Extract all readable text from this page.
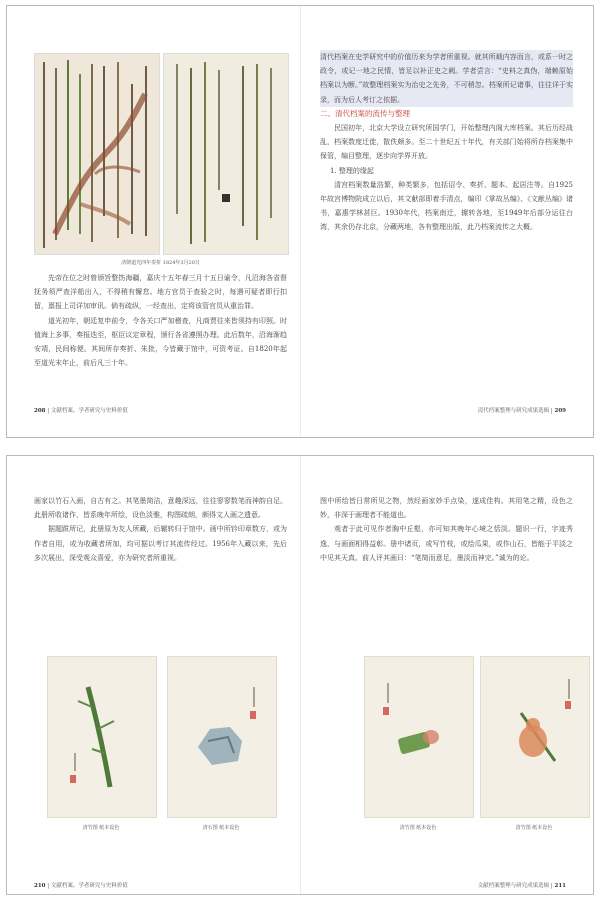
清朝道光四年奏折 1824年3月20日

先帝在位之时曾颁旨整饬海疆，嘉庆十五年春三月十五日谕令，凡沿海各省督抚务须严查洋船出入，不得稍有懈怠。地方官员于查验之时，每遇可疑者即行扣留，禀报上司详加审讯。倘有疏纵，一经查出，定将该管官员从重治罪。

道光初年，朝廷复申前令，令各关口严加稽查，凡商贾往来皆须持有印照。时值海上多事，奏报迭至，枢臣议定章程，颁行各省遵照办理。此后数年，沿海渐趋安靖，民间称便。其间所存奏折、朱批，今皆藏于馆中，可资考证。自1820年起至道光末年止，前后凡三十年。

208 | 文献档案、学者研究与史料价值

清代档案在史学研究中的价值历来为学者所重视。就其所载内容而言，或系一时之政令，或记一地之民情，皆足以补正史之阙。学者尝言：“史料之真伪，端赖原始档案以为断。”故整理档案实为治史之先务，不可稍忽。档案所记诸事，往往详于实录，而为后人考订之依据。

二、清代档案的流传与整理

民国初年，北京大学设立研究所国学门，开始整理内阁大库档案。其后历经战乱，档案数度迁徙，散佚颇多。至二十世纪五十年代，有关部门始将所存档案集中保管，编目整理，逐步向学界开放。

1. 整理的缘起

清宫档案数量浩繁，种类繁多，包括诏令、奏折、题本、起居注等。自1925年故宫博物院成立以后，其文献部即着手清点，编印《掌故丛编》、《文献丛编》诸书，嘉惠学林甚巨。1930年代，档案南迁，辗转各地，至1949年后部分运往台湾，其余仍存北京，分藏两地，各有整理出版，此乃档案流传之大概。

清代档案整理与研究成果选辑 | 209

画家以竹石入画，自古有之。其笔墨简洁，意趣深远，往往寥寥数笔而神韵自足。此册所收诸作，皆系晚年所绘，设色淡雅，构图疏朗，颇得文人画之遗意。

据题跋所记，此册原为友人所藏，后辗转归于馆中。画中所钤印章数方，或为作者自用，或为收藏者所加，均可据以考订其流传经过。1956年入藏以来，先后多次展出，深受观众喜爱，亦为研究者所重视。

图中所绘皆日常所见之物，然经画家妙手点染，遂成佳构。其用笔之精，设色之妙，非深于画理者不能道也。

观者于此可见作者胸中丘壑，亦可知其晚年心境之恬淡。题识一行，字迹秀逸，与画面相得益彰。册中诸页，或写竹枝，或绘瓜果，或作山石，皆能于平淡之中见其天真。前人评其画曰：“笔简而意足，墨淡而神完。”诚为的论。

清竹图 纸本设色	清石图 纸本设色	清竹图 纸本设色	清竹图 纸本设色
210 | 文献档案、学者研究与史料价值	文献档案整理与研究成果选辑 | 211
